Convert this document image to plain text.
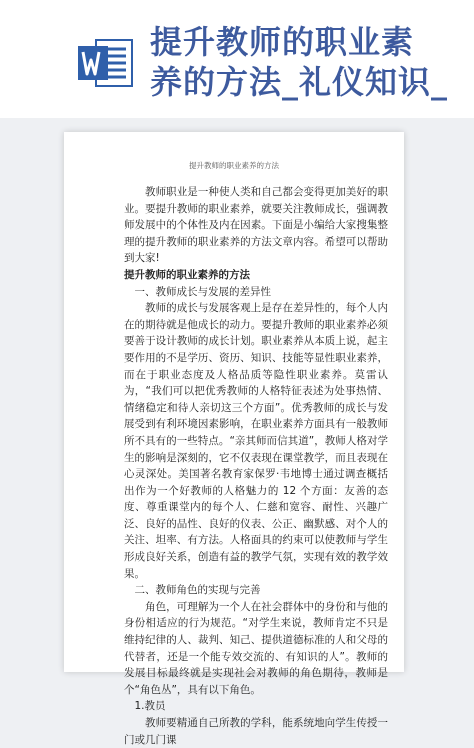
提升教师的职业素
养的方法_礼仪知识_
提升教师的职业素养的方法

教师职业是一种使人类和自己都会变得更加美好的职业。要提升教师的职业素养，就要关注教师成长，强调教师发展中的个体性及内在因素。下面是小编给大家搜集整理的提升教师的职业素养的方法文章内容。希望可以帮助到大家!

提升教师的职业素养的方法

一、教师成长与发展的差异性

教师的成长与发展客观上是存在差异性的，每个人内在的期待就是他成长的动力。要提升教师的职业素养必须要善于设计教师的成长计划。职业素养从本质上说，起主要作用的不是学历、资历、知识、技能等显性职业素养，而在于职业态度及人格品质等隐性职业素养。莫雷认为，“我们可以把优秀教师的人格特征表述为处事热情、情绪稳定和待人亲切这三个方面”。优秀教师的成长与发展受到有利环境因素影响，在职业素养方面具有一般教师所不具有的一些特点。“亲其师而信其道”，教师人格对学生的影响是深刻的，它不仅表现在课堂教学，而且表现在心灵深处。美国著名教育家保罗·韦地博士通过调查概括出作为一个好教师的人格魅力的 12 个方面：友善的态度、尊重课堂内的每个人、仁慈和宽容、耐性、兴趣广泛、良好的品性、良好的仪表、公正、幽默感、对个人的关注、坦率、有方法。人格面具的约束可以使教师与学生形成良好关系，创造有益的教学气氛，实现有效的教学效果。

二、教师角色的实现与完善

角色，可理解为一个人在社会群体中的身份和与他的身份相适应的行为规范。“对学生来说，教师肯定不只是维持纪律的人、裁判、知己、提供道德标准的人和父母的代替者，还是一个能专效交流的、有知识的人”。教师的发展目标最终就是实现社会对教师的角色期待，教师是个“角色丛”，具有以下角色。

1.教员

教师要精通自己所教的学科，能系统地向学生传授一门或几门课
